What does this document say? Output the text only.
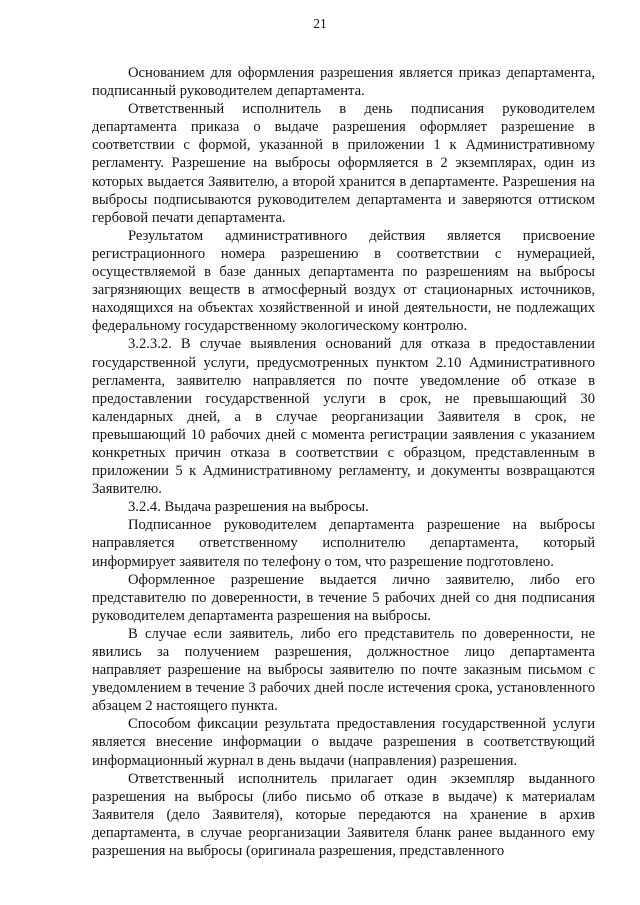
21

Основанием для оформления разрешения является приказ департамента, подписанный руководителем департамента.

Ответственный исполнитель в день подписания руководителем департамента приказа о выдаче разрешения оформляет разрешение в соответствии с формой, указанной в приложении 1 к Административному регламенту. Разрешение на выбросы оформляется в 2 экземплярах, один из которых выдается Заявителю, а второй хранится в департаменте. Разрешения на выбросы подписываются руководителем департамента и заверяются оттиском гербовой печати департамента.

Результатом административного действия является присвоение регистрационного номера разрешению в соответствии с нумерацией, осуществляемой в базе данных департамента по разрешениям на выбросы загрязняющих веществ в атмосферный воздух от стационарных источников, находящихся на объектах хозяйственной и иной деятельности, не подлежащих федеральному государственному экологическому контролю.

3.2.3.2. В случае выявления оснований для отказа в предоставлении государственной услуги, предусмотренных пунктом 2.10 Административного регламента, заявителю направляется по почте уведомление об отказе в предоставлении государственной услуги в срок, не превышающий 30 календарных дней, а в случае реорганизации Заявителя в срок, не превышающий 10 рабочих дней с момента регистрации заявления с указанием конкретных причин отказа в соответствии с образцом, представленным в приложении 5 к Административному регламенту, и документы возвращаются Заявителю.

3.2.4. Выдача разрешения на выбросы.

Подписанное руководителем департамента разрешение на выбросы направляется ответственному исполнителю департамента, который информирует заявителя по телефону о том, что разрешение подготовлено.

Оформленное разрешение выдается лично заявителю, либо его представителю по доверенности, в течение 5 рабочих дней со дня подписания руководителем департамента разрешения на выбросы.

В случае если заявитель, либо его представитель по доверенности, не явились за получением разрешения, должностное лицо департамента направляет разрешение на выбросы заявителю по почте заказным письмом с уведомлением в течение 3 рабочих дней после истечения срока, установленного абзацем 2 настоящего пункта.

Способом фиксации результата предоставления государственной услуги является внесение информации о выдаче разрешения в соответствующий информационный журнал в день выдачи (направления) разрешения.

Ответственный исполнитель прилагает один экземпляр выданного разрешения на выбросы (либо письмо об отказе в выдаче) к материалам Заявителя (дело Заявителя), которые передаются на хранение в архив департамента, в случае реорганизации Заявителя бланк ранее выданного ему разрешения на выбросы (оригинала разрешения, представленного
